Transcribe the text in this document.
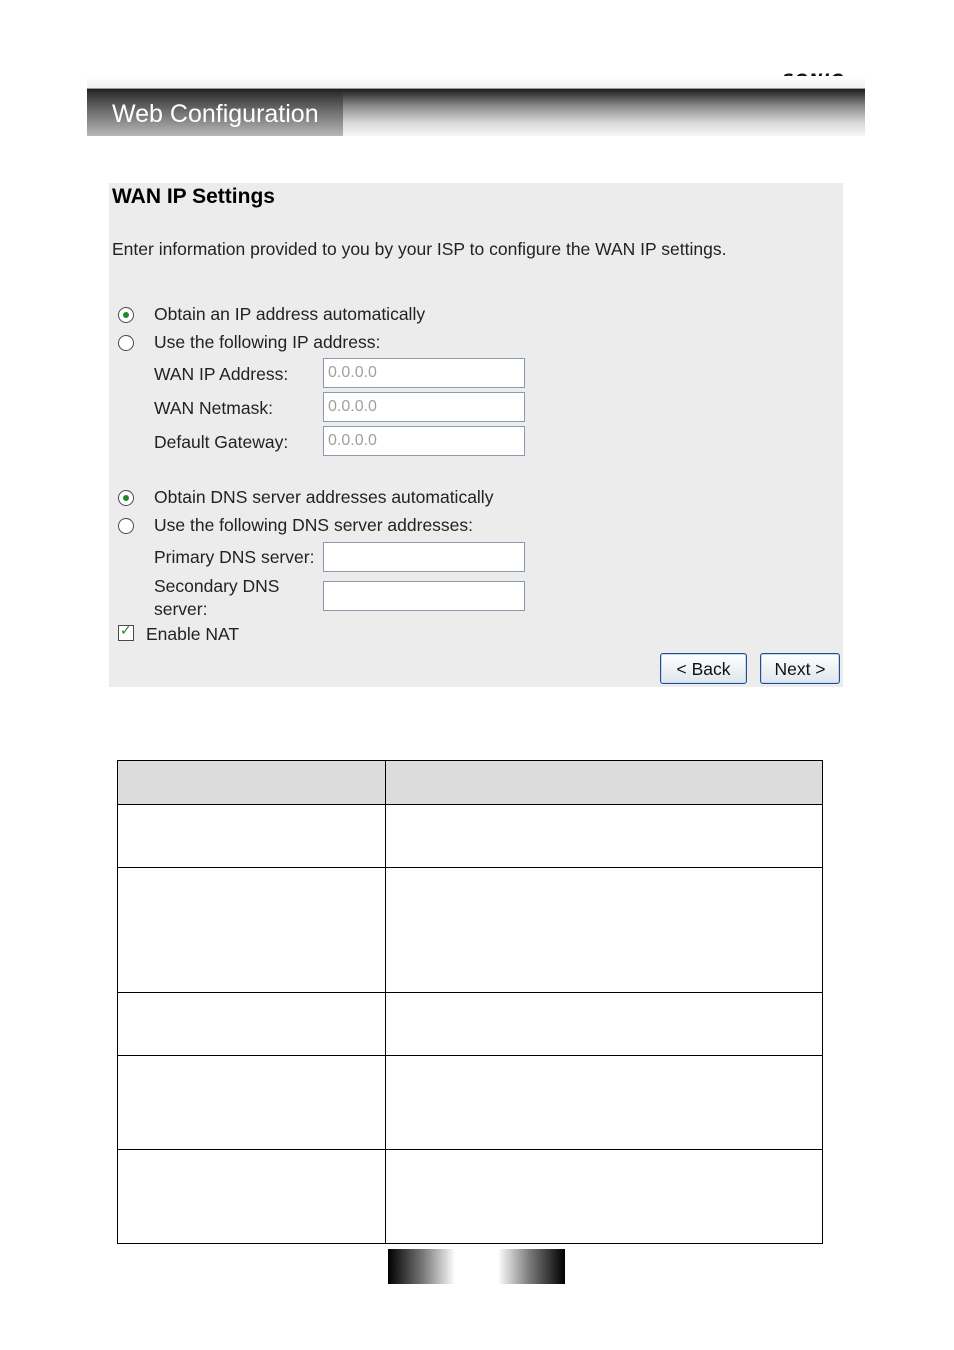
Web Configuration
WAN IP Settings
Enter information provided to you by your ISP to configure the WAN IP settings.
Obtain an IP address automatically
Use the following IP address:
WAN IP Address:	0.0.0.0
WAN Netmask:	0.0.0.0
Default Gateway:	0.0.0.0
Obtain DNS server addresses automatically
Use the following DNS server addresses:
Primary DNS server:
Secondary DNS server:
✓ Enable NAT
< Back	Next >
